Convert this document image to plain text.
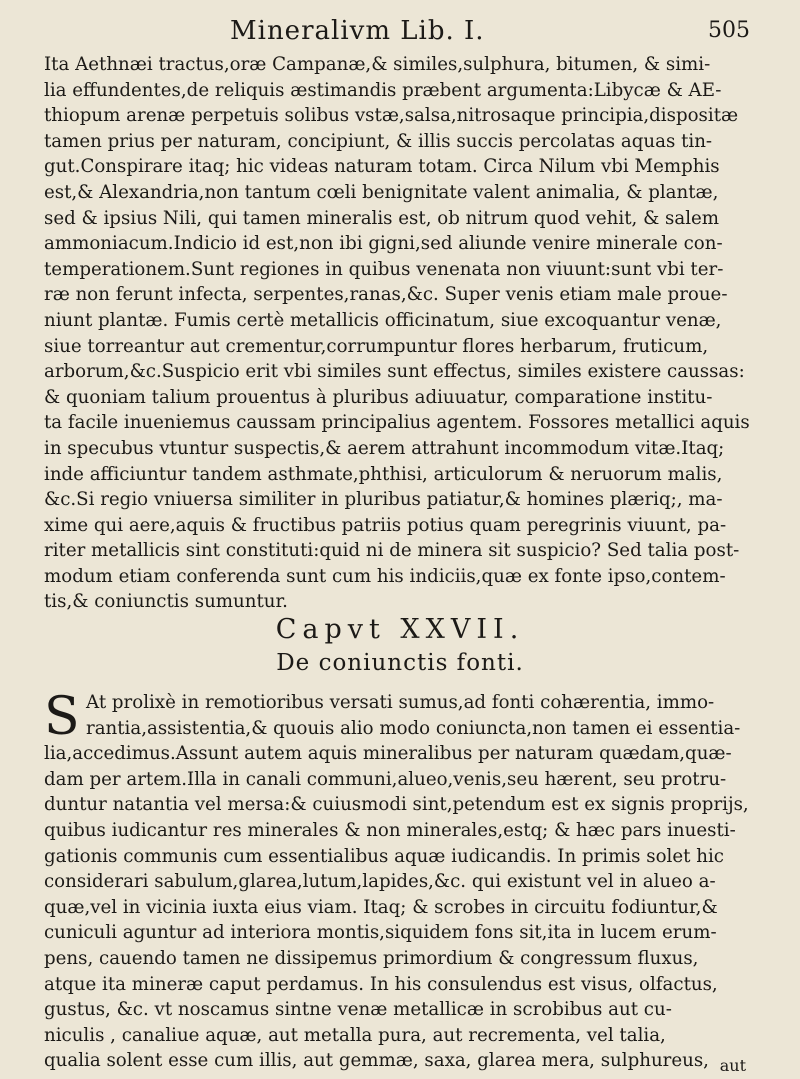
Mineralivm Lib. I.	505
Ita Aethnæi tractus,oræ Campanæ,& similes,sulphura, bitumen, & simi-
lia effundentes,de reliquis æstimandis præbent argumenta:Libycæ & AE-
thiopum arenæ perpetuis solibus vstæ,salsa,nitrosaque principia,dispositæ
tamen prius per naturam, concipiunt, & illis succis percolatas aquas tin-
gut.Conspirare itaq; hic videas naturam totam. Circa Nilum vbi Memphis
est,& Alexandria,non tantum cœli benignitate valent animalia, & plantæ,
sed & ipsius Nili, qui tamen mineralis est, ob nitrum quod vehit, & salem
ammoniacum.Indicio id est,non ibi gigni,sed aliunde venire minerale con-
temperationem.Sunt regiones in quibus venenata non viuunt:sunt vbi ter-
ræ non ferunt infecta, serpentes,ranas,&c. Super venis etiam male proue-
niunt plantæ. Fumis certè metallicis officinatum, siue excoquantur venæ,
siue torreantur aut crementur,corrumpuntur flores herbarum, fruticum,
arborum,&c.Suspicio erit vbi similes sunt effectus, similes existere caussas:
& quoniam talium prouentus à pluribus adiuuatur, comparatione institu-
ta facile inueniemus caussam principalius agentem. Fossores metallici aquis
in specubus vtuntur suspectis,& aerem attrahunt incommodum vitæ.Itaq;
inde afficiuntur tandem asthmate,phthisi, articulorum & neruorum malis,
&c.Si regio vniuersa similiter in pluribus patiatur,& homines plæriq;, ma-
xime qui aere,aquis & fructibus patriis potius quam peregrinis viuunt, pa-
riter metallicis sint constituti:quid ni de minera sit suspicio? Sed talia post-
modum etiam conferenda sunt cum his indiciis,quæ ex fonte ipso,contem-
tis,& coniunctis sumuntur.
Capvt XXVII.
De coniunctis fonti.
S At prolixè in remotioribus versati sumus,ad fonti cohærentia, immo-
rantia,assistentia,& quouis alio modo coniuncta,non tamen ei essentia-
lia,accedimus.Assunt autem aquis mineralibus per naturam quædam,quæ-
dam per artem.Illa in canali communi,alueo,venis,seu hærent, seu protru-
duntur natantia vel mersa:& cuiusmodi sint,petendum est ex signis proprijs,
quibus iudicantur res minerales & non minerales,estq; & hæc pars inuesti-
gationis communis cum essentialibus aquæ iudicandis. In primis solet hic
considerari sabulum,glarea,lutum,lapides,&c. qui existunt vel in alueo a-
quæ,vel in vicinia iuxta eius viam. Itaq; & scrobes in circuitu fodiuntur,&
cuniculi aguntur ad interiora montis,siquidem fons sit,ita in lucem erum-
pens, cauendo tamen ne dissipemus primordium & congressum fluxus,
atque ita mineræ caput perdamus. In his consulendus est visus, olfactus,
gustus, &c. vt noscamus sintne venæ metallicæ in scrobibus aut cu-
niculis , canaliue aquæ, aut metalla pura, aut recrementa, vel talia,
qualia solent esse cum illis, aut gemmæ, saxa, glarea mera, sulphureus, aut
